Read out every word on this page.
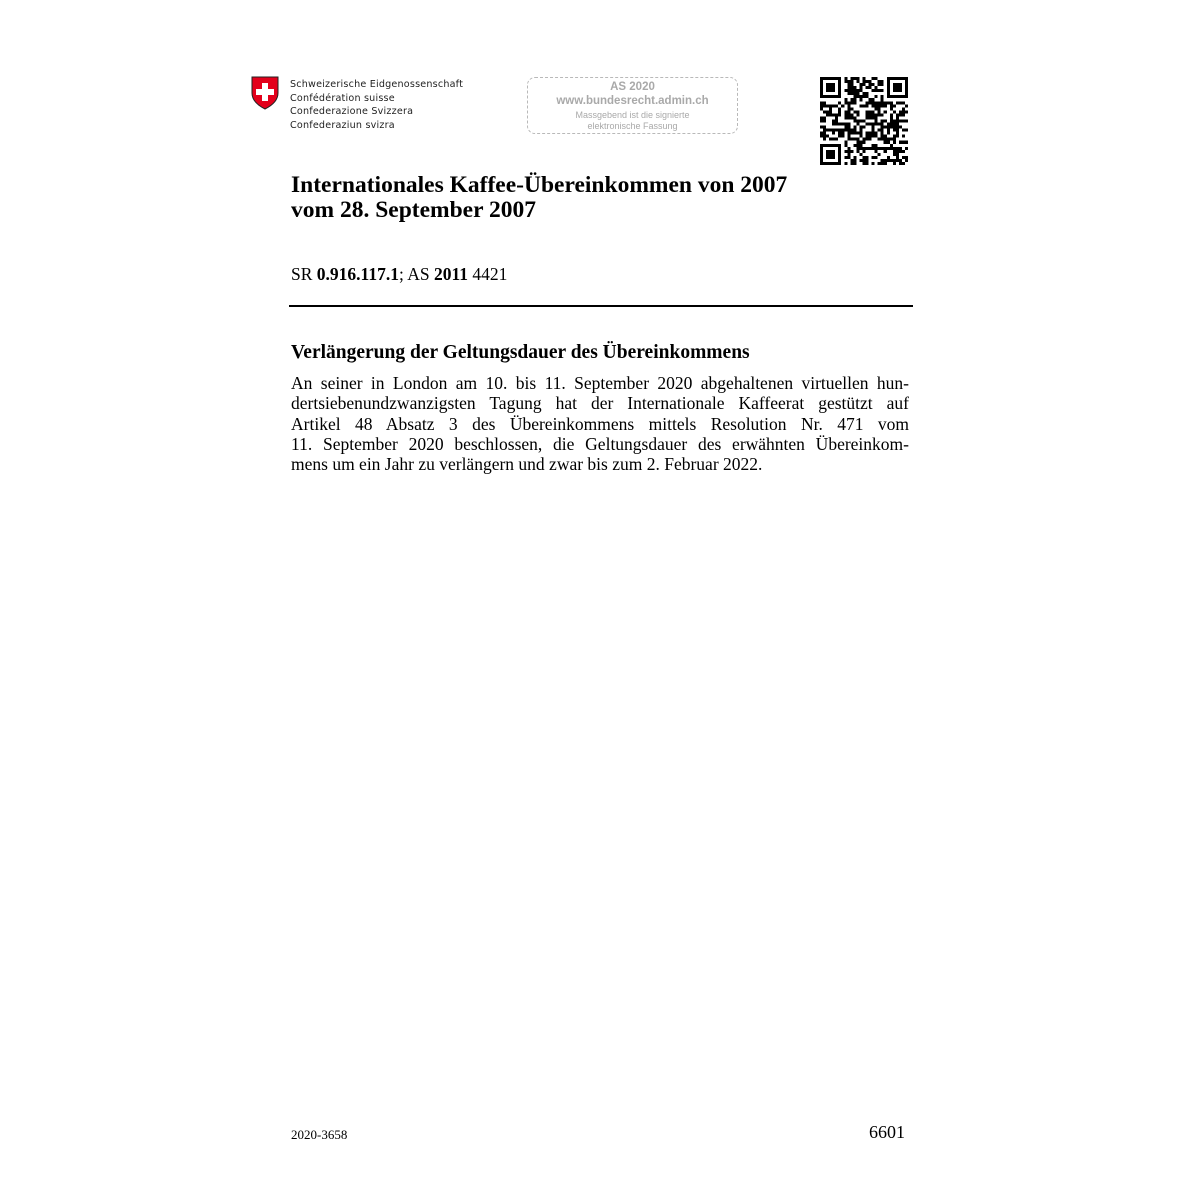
Schweizerische Eidgenossenschaft
Confédération suisse
Confederazione Svizzera
Confederaziun svizra
AS 2020
www.bundesrecht.admin.ch
Massgebend ist die signierte
elektronische Fassung
Internationales Kaffee-Übereinkommen von 2007
vom 28. September 2007
SR 0.916.117.1; AS 2011 4421
Verlängerung der Geltungsdauer des Übereinkommens
An seiner in London am 10. bis 11. September 2020 abgehaltenen virtuellen hun-
dertsiebenundzwanzigsten Tagung hat der Internationale Kaffeerat gestützt auf
Artikel 48 Absatz 3 des Übereinkommens mittels Resolution Nr. 471 vom
11. September 2020 beschlossen, die Geltungsdauer des erwähnten Übereinkom-
mens um ein Jahr zu verlängern und zwar bis zum 2. Februar 2022.
2020-3658	6601
